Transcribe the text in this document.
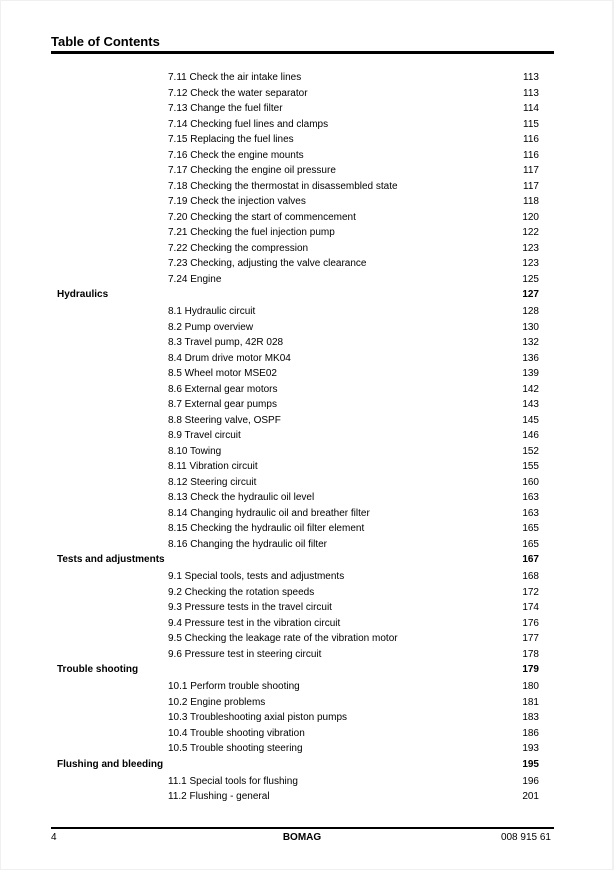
Table of Contents
7.11 Check the air intake lines	113
7.12 Check the water separator	113
7.13 Change the fuel filter	114
7.14 Checking fuel lines and clamps	115
7.15 Replacing the fuel lines	116
7.16 Check the engine mounts	116
7.17 Checking the engine oil pressure	117
7.18 Checking the thermostat in disassembled state	117
7.19 Check the injection valves	118
7.20 Checking the start of commencement	120
7.21 Checking the fuel injection pump	122
7.22 Checking the compression	123
7.23 Checking, adjusting the valve clearance	123
7.24 Engine	125
Hydraulics	127
8.1 Hydraulic circuit	128
8.2 Pump overview	130
8.3 Travel pump, 42R 028	132
8.4 Drum drive motor MK04	136
8.5 Wheel motor MSE02	139
8.6 External gear motors	142
8.7 External gear pumps	143
8.8 Steering valve, OSPF	145
8.9 Travel circuit	146
8.10 Towing	152
8.11 Vibration circuit	155
8.12 Steering circuit	160
8.13 Check the hydraulic oil level	163
8.14 Changing hydraulic oil and breather filter	163
8.15 Checking the hydraulic oil filter element	165
8.16 Changing the hydraulic oil filter	165
Tests and adjustments	167
9.1 Special tools, tests and adjustments	168
9.2 Checking the rotation speeds	172
9.3 Pressure tests in the travel circuit	174
9.4 Pressure test in the vibration circuit	176
9.5 Checking the leakage rate of the vibration motor	177
9.6 Pressure test in steering circuit	178
Trouble shooting	179
10.1 Perform trouble shooting	180
10.2 Engine problems	181
10.3 Troubleshooting axial piston pumps	183
10.4 Trouble shooting vibration	186
10.5 Trouble shooting steering	193
Flushing and bleeding	195
11.1 Special tools for flushing	196
11.2 Flushing - general	201
4	BOMAG	008 915 61
